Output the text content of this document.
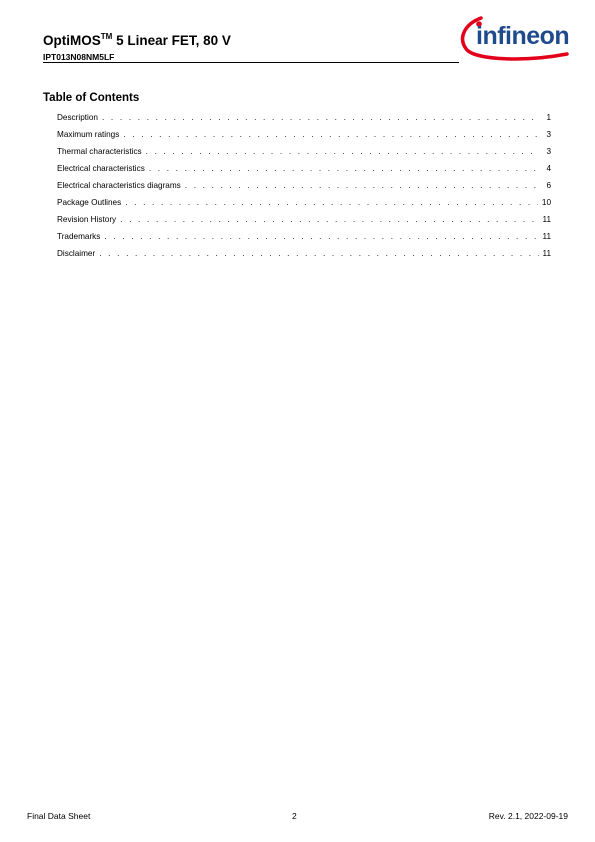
OptiMOS™ 5 Linear FET, 80 V
IPT013N08NM5LF
infineon
Table of Contents
Description . . .	1
Maximum ratings . . .	3
Thermal characteristics . . .	3
Electrical characteristics . . .	4
Electrical characteristics diagrams . . .	6
Package Outlines . . .	10
Revision History . . .	11
Trademarks . . .	11
Disclaimer . . .	11
Final Data Sheet	2	Rev. 2.1, 2022-09-19
